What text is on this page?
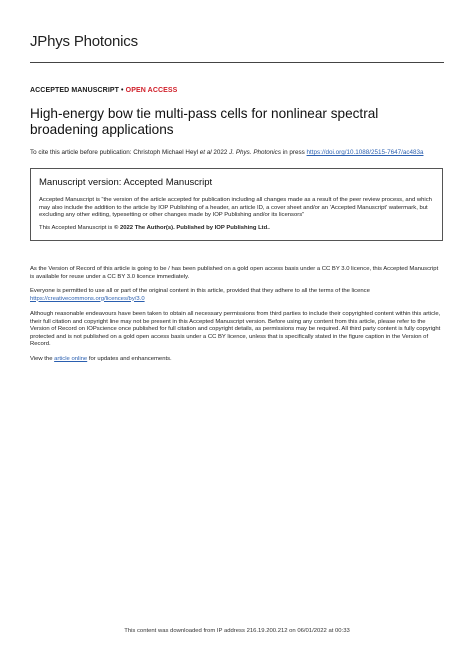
JPhys Photonics
ACCEPTED MANUSCRIPT • OPEN ACCESS
High-energy bow tie multi-pass cells for nonlinear spectral broadening applications
To cite this article before publication: Christoph Michael Heyl et al 2022 J. Phys. Photonics in press https://doi.org/10.1088/2515-7647/ac483a
Manuscript version: Accepted Manuscript
Accepted Manuscript is “the version of the article accepted for publication including all changes made as a result of the peer review process, and which may also include the addition to the article by IOP Publishing of a header, an article ID, a cover sheet and/or an ‘Accepted Manuscript’ watermark, but excluding any other editing, typesetting or other changes made by IOP Publishing and/or its licensors”
This Accepted Manuscript is © 2022 The Author(s). Published by IOP Publishing Ltd..
As the Version of Record of this article is going to be / has been published on a gold open access basis under a CC BY 3.0 licence, this Accepted Manuscript is available for reuse under a CC BY 3.0 licence immediately.
Everyone is permitted to use all or part of the original content in this article, provided that they adhere to all the terms of the licence https://creativecommons.org/licences/by/3.0
Although reasonable endeavours have been taken to obtain all necessary permissions from third parties to include their copyrighted content within this article, their full citation and copyright line may not be present in this Accepted Manuscript version. Before using any content from this article, please refer to the Version of Record on IOPscience once published for full citation and copyright details, as permissions may be required. All third party content is fully copyright protected and is not published on a gold open access basis under a CC BY licence, unless that is specifically stated in the figure caption in the Version of Record.
View the article online for updates and enhancements.
This content was downloaded from IP address 216.19.200.212 on 06/01/2022 at 00:33
